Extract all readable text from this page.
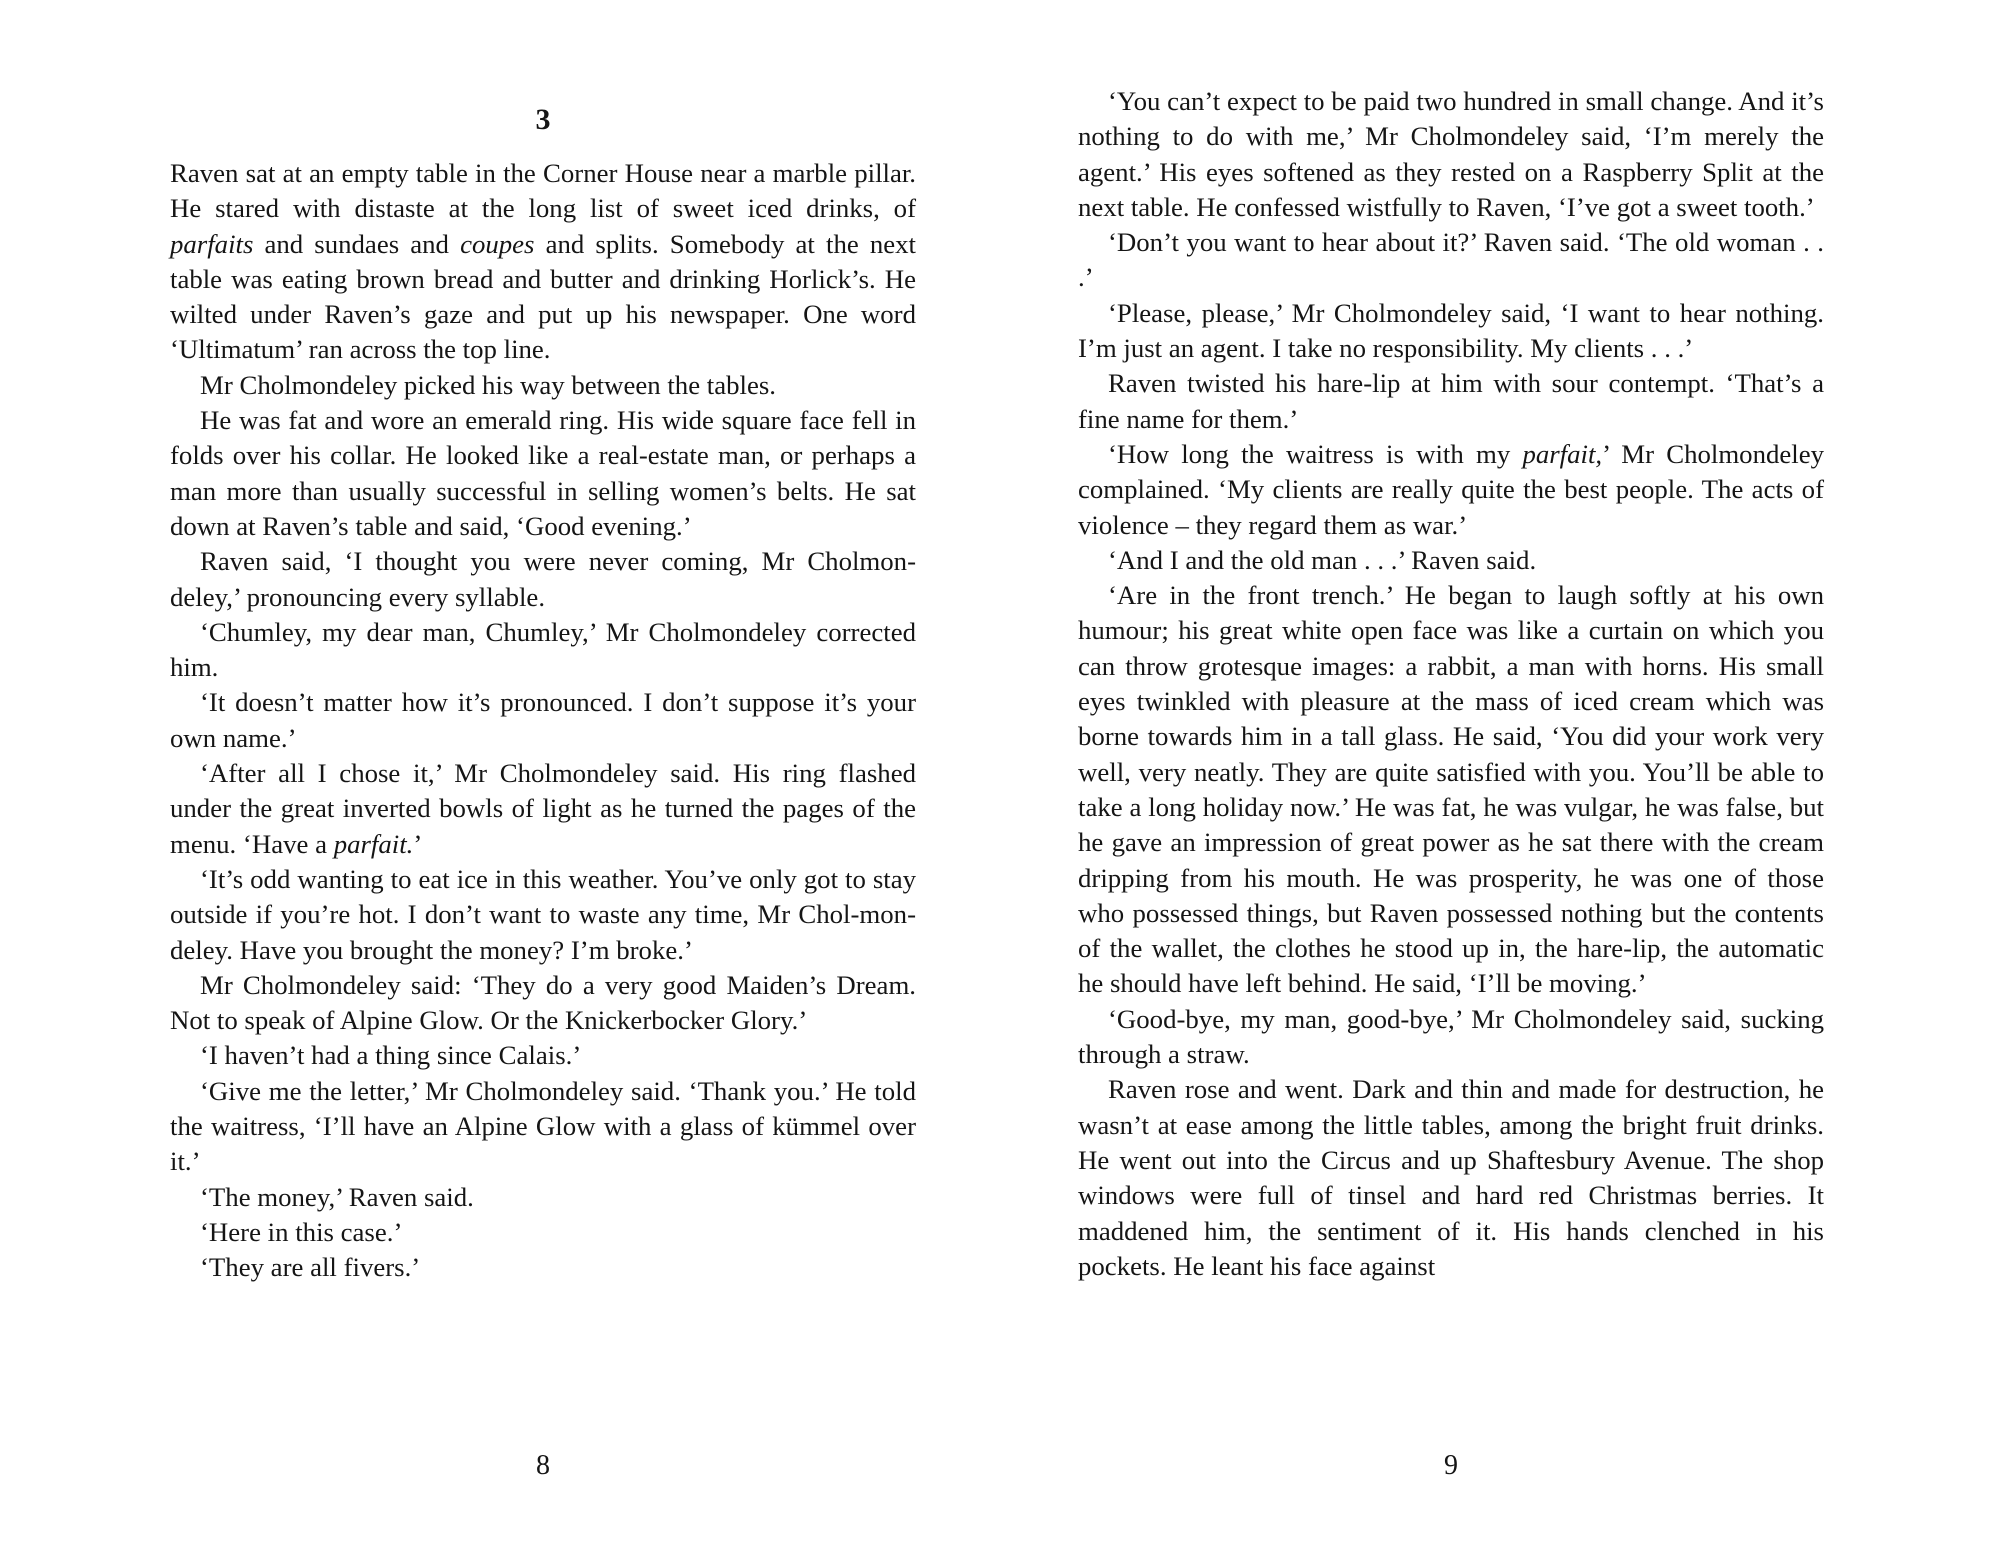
3

Raven sat at an empty table in the Corner House near a marble pillar. He stared with distaste at the long list of sweet iced drinks, of parfaits and sundaes and coupes and splits. Somebody at the next table was eating brown bread and butter and drinking Horlick’s. He wilted under Raven’s gaze and put up his newspaper. One word ‘Ultimatum’ ran across the top line.

Mr Cholmondeley picked his way between the tables.

He was fat and wore an emerald ring. His wide square face fell in folds over his collar. He looked like a real-estate man, or perhaps a man more than usually successful in selling women’s belts. He sat down at Raven’s table and said, ‘Good evening.’

Raven said, ‘I thought you were never coming, Mr Cholmon-deley,’ pronouncing every syllable.

‘Chumley, my dear man, Chumley,’ Mr Cholmondeley corrected him.

‘It doesn’t matter how it’s pronounced. I don’t suppose it’s your own name.’

‘After all I chose it,’ Mr Cholmondeley said. His ring flashed under the great inverted bowls of light as he turned the pages of the menu. ‘Have a parfait.’

‘It’s odd wanting to eat ice in this weather. You’ve only got to stay outside if you’re hot. I don’t want to waste any time, Mr Chol-mon-deley. Have you brought the money? I’m broke.’

Mr Cholmondeley said: ‘They do a very good Maiden’s Dream. Not to speak of Alpine Glow. Or the Knickerbocker Glory.’

‘I haven’t had a thing since Calais.’

‘Give me the letter,’ Mr Cholmondeley said. ‘Thank you.’ He told the waitress, ‘I’ll have an Alpine Glow with a glass of kümmel over it.’

‘The money,’ Raven said.

‘Here in this case.’

‘They are all fivers.’

8

‘You can’t expect to be paid two hundred in small change. And it’s nothing to do with me,’ Mr Cholmondeley said, ‘I’m merely the agent.’ His eyes softened as they rested on a Raspberry Split at the next table. He confessed wistfully to Raven, ‘I’ve got a sweet tooth.’

‘Don’t you want to hear about it?’ Raven said. ‘The old woman . . .’

‘Please, please,’ Mr Cholmondeley said, ‘I want to hear nothing. I’m just an agent. I take no responsibility. My clients . . .’

Raven twisted his hare-lip at him with sour contempt. ‘That’s a fine name for them.’

‘How long the waitress is with my parfait,’ Mr Cholmondeley complained. ‘My clients are really quite the best people. The acts of violence – they regard them as war.’

‘And I and the old man . . .’ Raven said.

‘Are in the front trench.’ He began to laugh softly at his own humour; his great white open face was like a curtain on which you can throw grotesque images: a rabbit, a man with horns. His small eyes twinkled with pleasure at the mass of iced cream which was borne towards him in a tall glass. He said, ‘You did your work very well, very neatly. They are quite satisfied with you. You’ll be able to take a long holiday now.’ He was fat, he was vulgar, he was false, but he gave an impression of great power as he sat there with the cream dripping from his mouth. He was prosperity, he was one of those who possessed things, but Raven possessed nothing but the contents of the wallet, the clothes he stood up in, the hare-lip, the automatic he should have left behind. He said, ‘I’ll be moving.’

‘Good-bye, my man, good-bye,’ Mr Cholmondeley said, sucking through a straw.

Raven rose and went. Dark and thin and made for destruction, he wasn’t at ease among the little tables, among the bright fruit drinks. He went out into the Circus and up Shaftesbury Avenue. The shop windows were full of tinsel and hard red Christmas berries. It maddened him, the sentiment of it. His hands clenched in his pockets. He leant his face against

9
